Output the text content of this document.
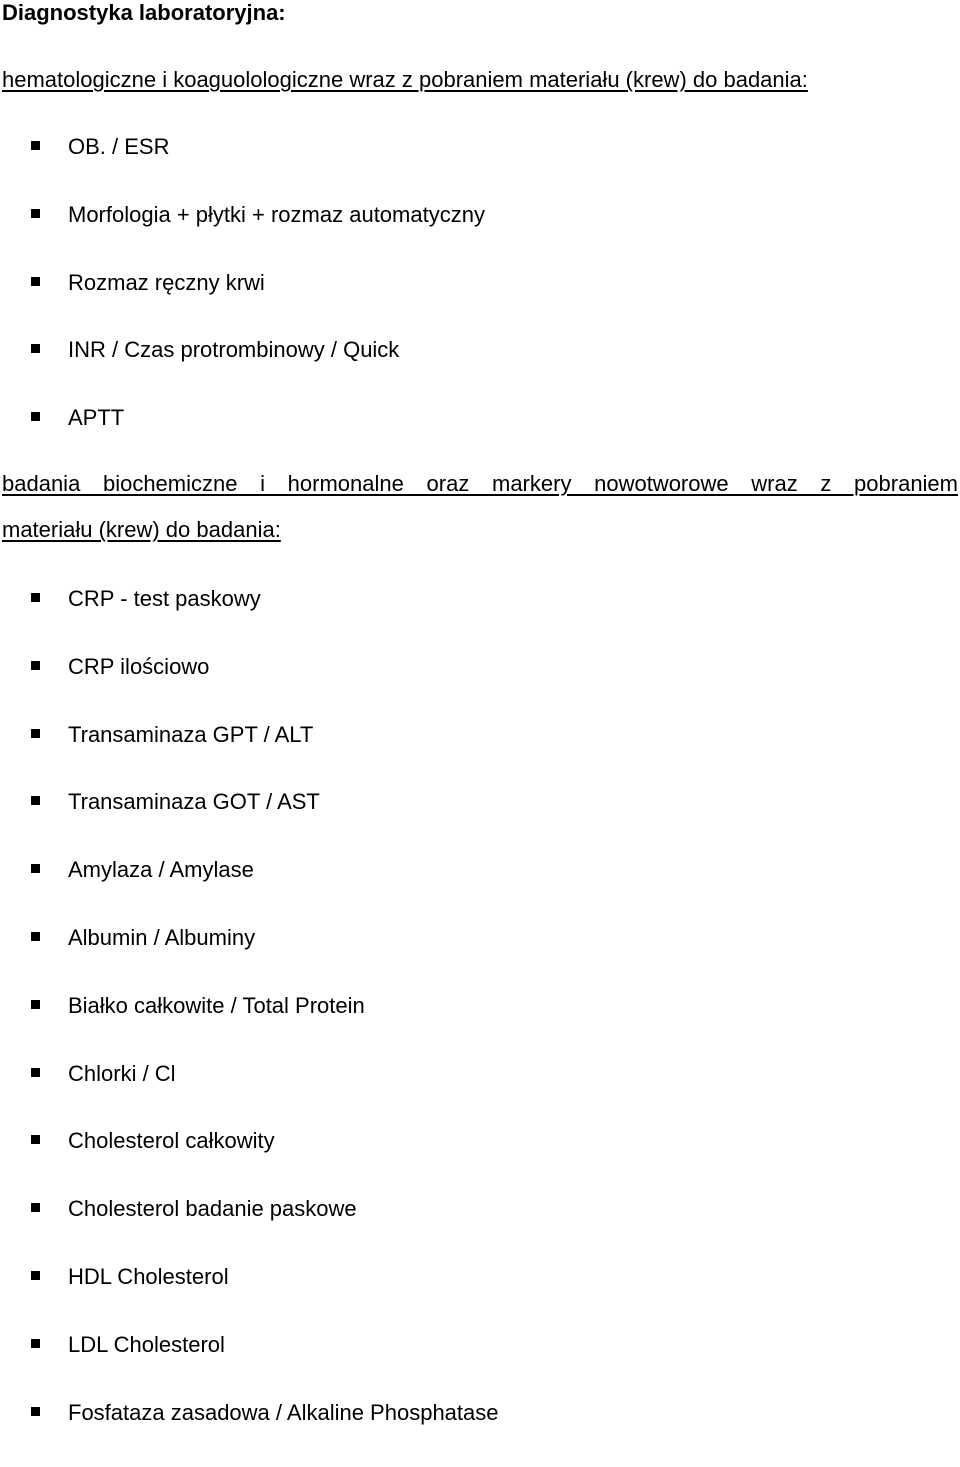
Diagnostyka laboratoryjna:
hematologiczne i koaguolologiczne wraz z pobraniem materiału (krew) do badania:
OB. / ESR
Morfologia + płytki + rozmaz automatyczny
Rozmaz ręczny krwi
INR / Czas protrombinowy / Quick
APTT
badania biochemiczne i hormonalne oraz markery nowotworowe wraz z pobraniem
materiału (krew) do badania:
CRP - test paskowy
CRP ilościowo
Transaminaza GPT / ALT
Transaminaza GOT / AST
Amylaza / Amylase
Albumin / Albuminy
Białko całkowite / Total Protein
Chlorki / Cl
Cholesterol całkowity
Cholesterol badanie paskowe
HDL Cholesterol
LDL Cholesterol
Fosfataza zasadowa / Alkaline Phosphatase
